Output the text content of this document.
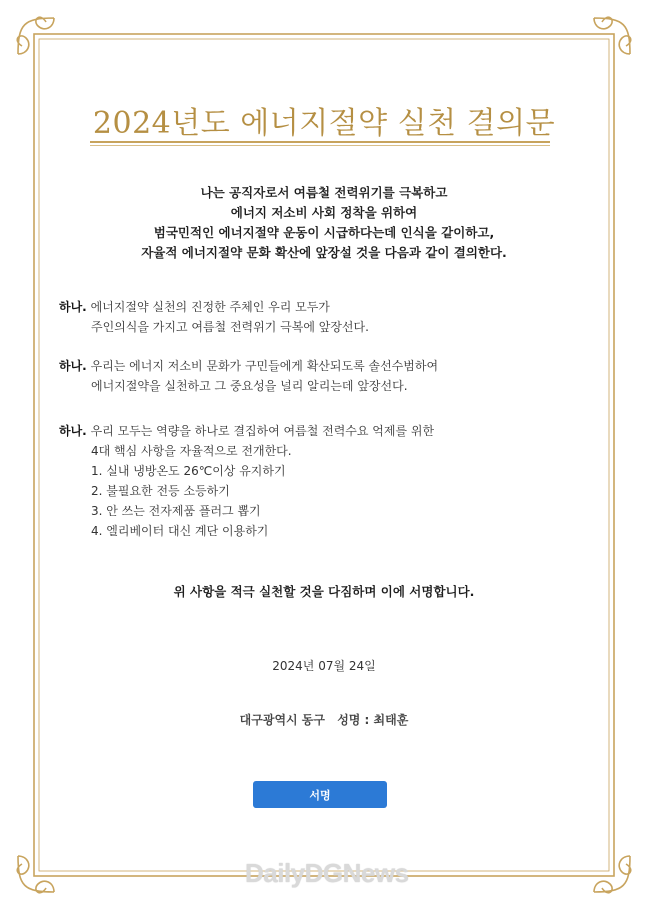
2024년도 에너지절약 실천 결의문
나는 공직자로서 여름철 전력위기를 극복하고
에너지 저소비 사회 정착을 위하여
범국민적인 에너지절약 운동이 시급하다는데 인식을 같이하고,
자율적 에너지절약 문화 확산에 앞장설 것을 다음과 같이 결의한다.
하나. 에너지절약 실천의 진정한 주체인 우리 모두가
주인의식을 가지고 여름철 전력위기 극복에 앞장선다.
하나. 우리는 에너지 저소비 문화가 구민들에게 확산되도록 솔선수범하여
에너지절약을 실천하고 그 중요성을 널리 알리는데 앞장선다.
하나. 우리 모두는 역량을 하나로 결집하여 여름철 전력수요 억제를 위한
4대 핵심 사항을 자율적으로 전개한다.
1. 실내 냉방온도 26℃이상 유지하기
2. 불필요한 전등 소등하기
3. 안 쓰는 전자제품 플러그 뽑기
4. 엘리베이터 대신 계단 이용하기
위 사항을 적극 실천할 것을 다짐하며 이에 서명합니다.
2024년 07월 24일
대구광역시 동구 성명 : 최태훈
서명
DailyDGNews
